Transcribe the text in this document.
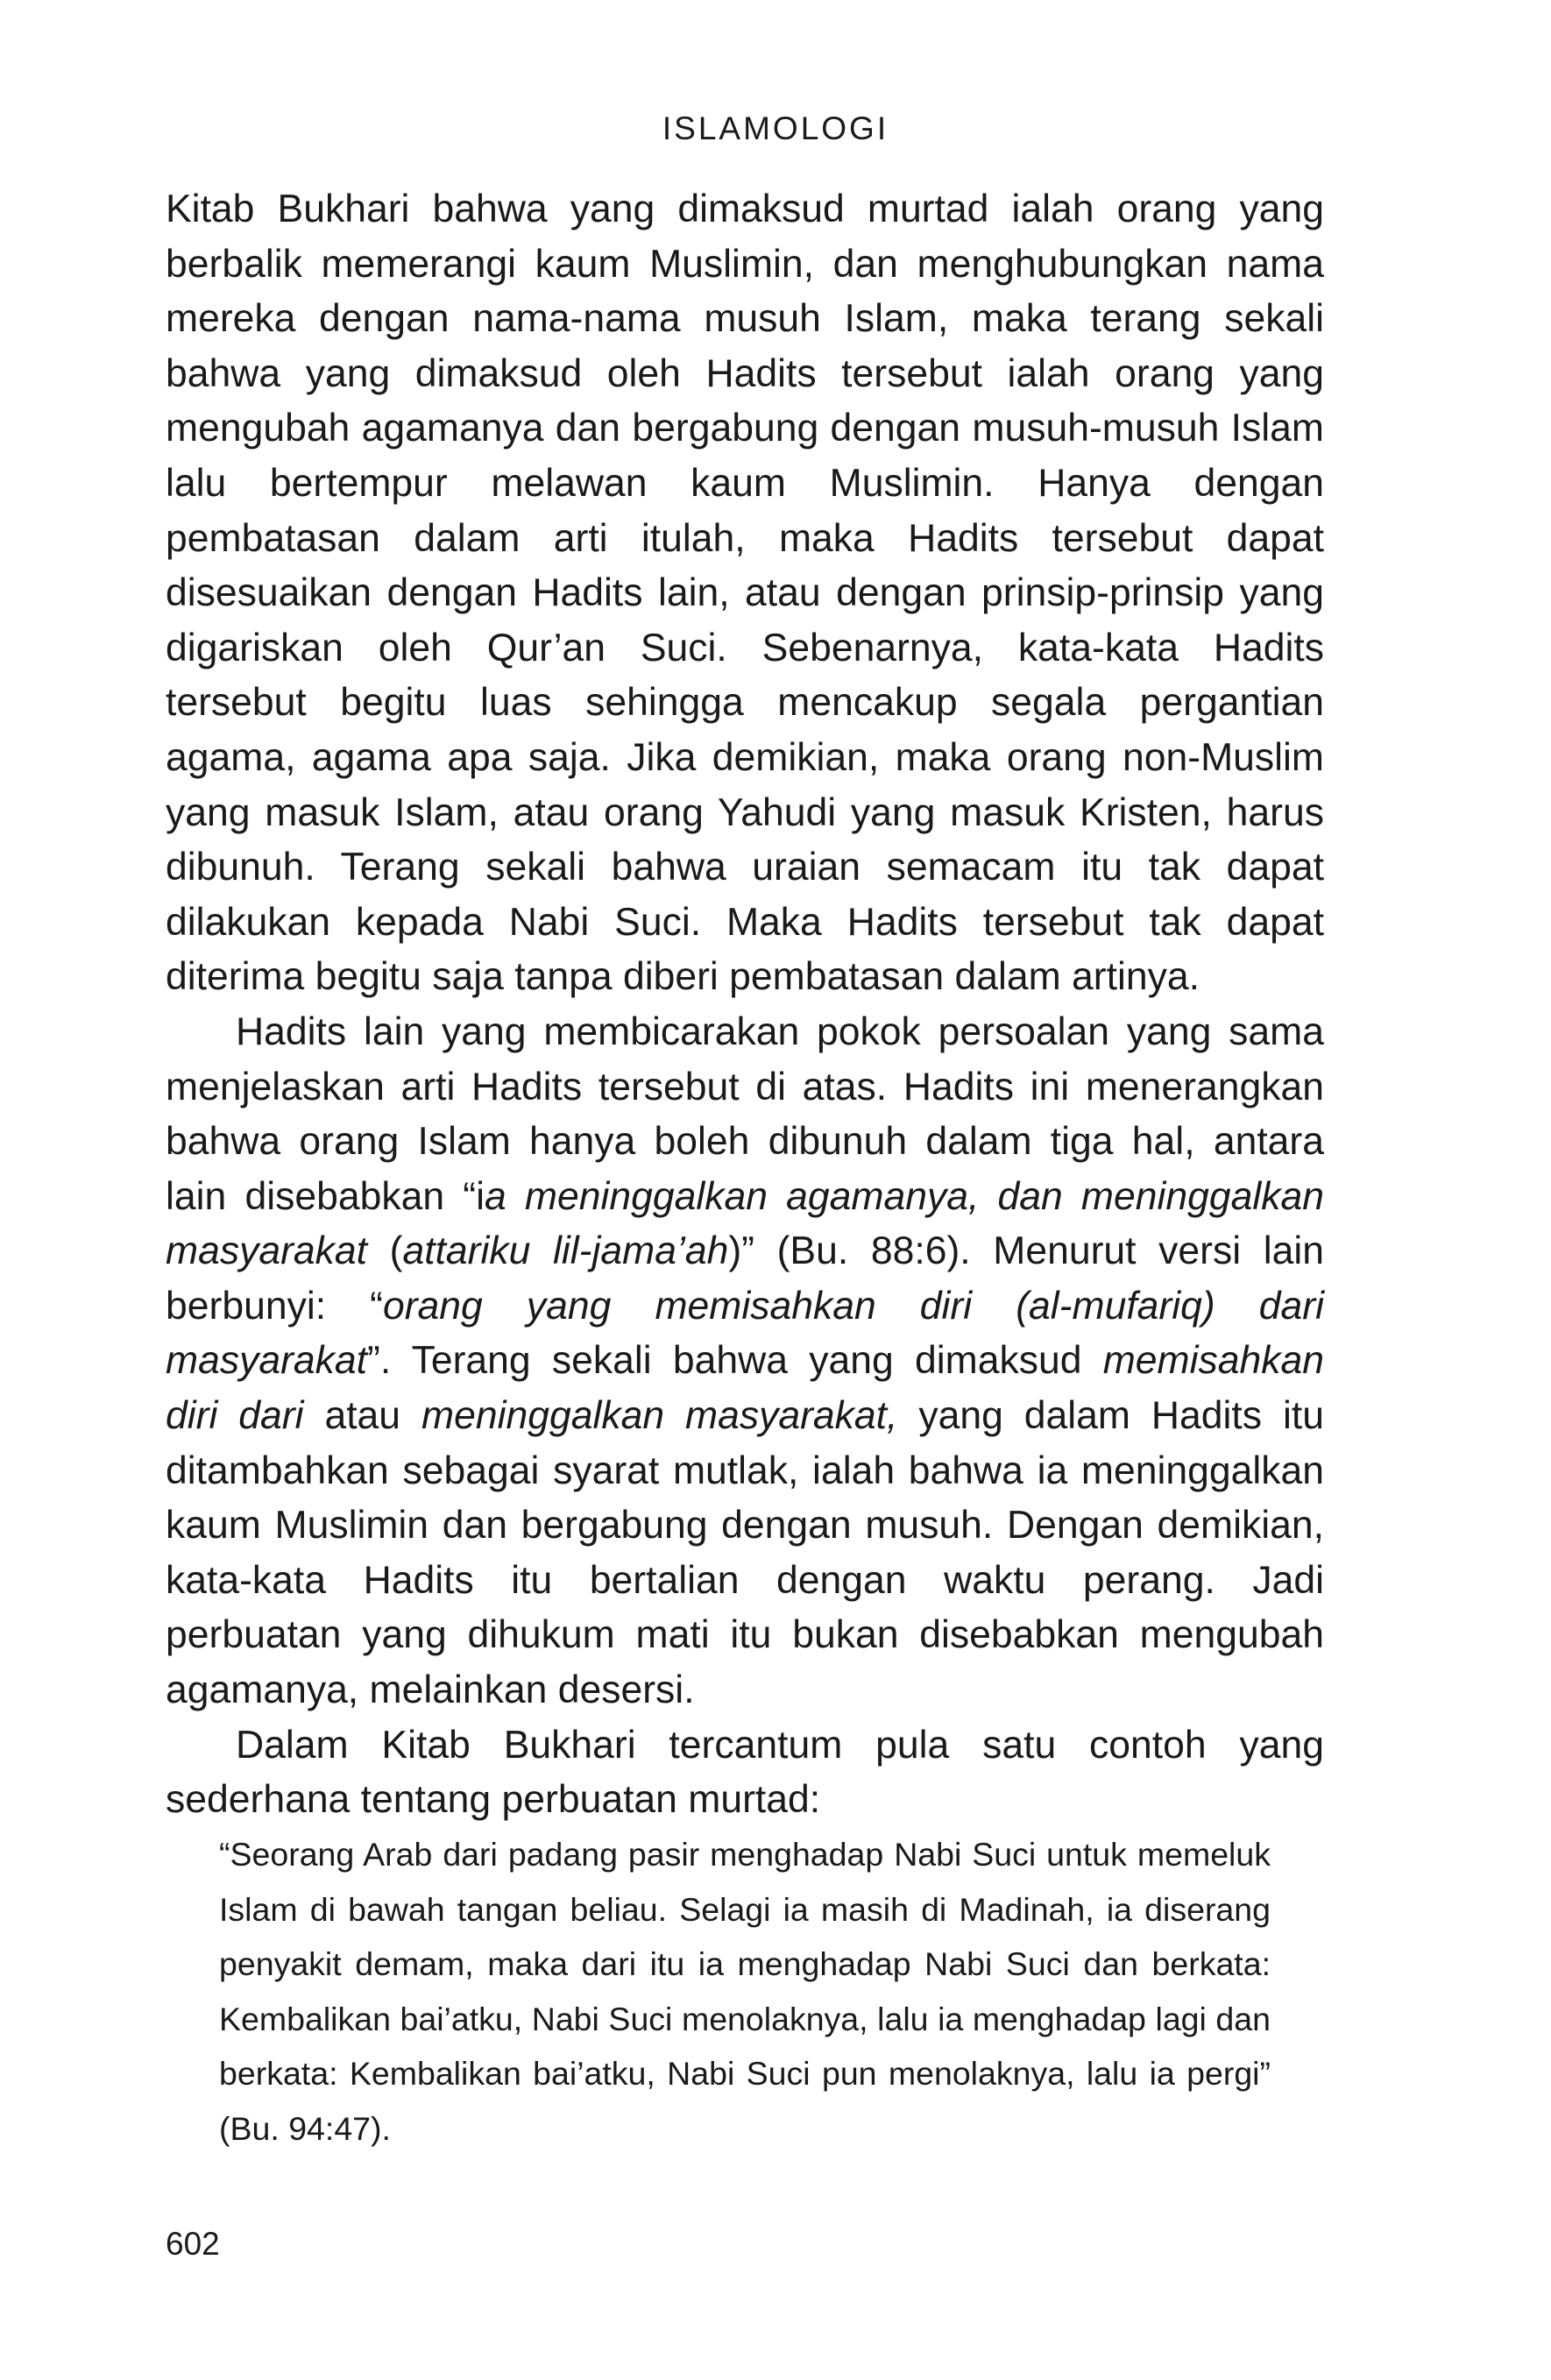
ISLAMOLOGI

Kitab Bukhari bahwa yang dimaksud murtad ialah orang yang berbalik memerangi kaum Muslimin, dan menghubungkan nama mereka dengan nama-nama musuh Islam, maka terang sekali bahwa yang dimaksud oleh Hadits tersebut ialah orang yang mengubah agamanya dan bergabung dengan musuh-musuh Islam lalu bertempur melawan kaum Muslimin. Hanya dengan pembatasan dalam arti itulah, maka Hadits tersebut dapat disesuaikan dengan Hadits lain, atau dengan prinsip-prinsip yang digariskan oleh Qur’an Suci. Sebenarnya, kata-kata Hadits tersebut begitu luas sehingga mencakup segala pergantian agama, agama apa saja. Jika demikian, maka orang non-Muslim yang masuk Islam, atau orang Yahudi yang masuk Kristen, harus dibunuh. Terang sekali bahwa uraian semacam itu tak dapat dilakukan kepada Nabi Suci. Maka Hadits tersebut tak dapat diterima begitu saja tanpa diberi pembatasan dalam artinya.

Hadits lain yang membicarakan pokok persoalan yang sama menjelaskan arti Hadits tersebut di atas. Hadits ini menerangkan bahwa orang Islam hanya boleh dibunuh dalam tiga hal, antara lain disebabkan “ia meninggalkan agamanya, dan meninggalkan masyarakat (attariku lil-jama’ah)” (Bu. 88:6). Menurut versi lain berbunyi: “orang yang memisahkan diri (al-mufariq) dari masyarakat”. Terang sekali bahwa yang dimaksud memisahkan diri dari atau meninggalkan masyarakat, yang dalam Hadits itu ditambahkan sebagai syarat mutlak, ialah bahwa ia meninggalkan kaum Muslimin dan bergabung dengan musuh. Dengan demikian, kata-kata Hadits itu bertalian dengan waktu perang. Jadi perbuatan yang dihukum mati itu bukan disebabkan mengubah agamanya, melainkan desersi.

Dalam Kitab Bukhari tercantum pula satu contoh yang sederhana tentang perbuatan murtad:

“Seorang Arab dari padang pasir menghadap Nabi Suci untuk memeluk Islam di bawah tangan beliau. Selagi ia masih di Madinah, ia diserang penyakit demam, maka dari itu ia menghadap Nabi Suci dan berkata: Kembalikan bai’atku, Nabi Suci menolaknya, lalu ia menghadap lagi dan berkata: Kembalikan bai’atku, Nabi Suci pun menolaknya, lalu ia pergi” (Bu. 94:47).

602
